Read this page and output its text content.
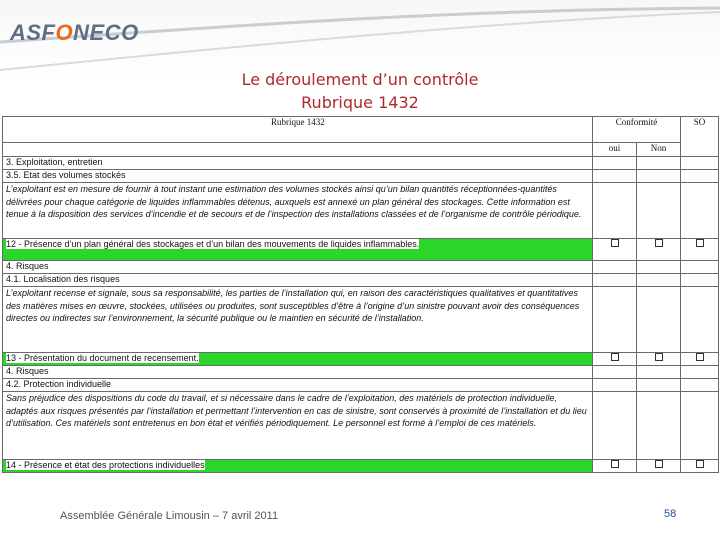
ASFONECO
Le déroulement d’un contrôle
Rubrique 1432
Rubrique 1432	Conformité		SO
	oui	Non	
3. Exploitation, entretien			
3.5. Etat des volumes stockés			
L’exploitant est en mesure de fournir à tout instant une estimation des volumes stockés ainsi qu’un bilan quantités réceptionnées-quantités délivrées pour chaque catégorie de liquides inflammables détenus, auxquels est annexé un plan général des stockages. Cette information est tenue à la disposition des services d’incendie et de secours et de l’inspection des installations classées et de l’organisme de contrôle périodique.			
12 - Présence d’un plan général des stockages et d’un bilan des mouvements de liquides inflammables.			
4. Risques			
4.1. Localisation des risques			
L’exploitant recense et signale, sous sa responsabilité, les parties de l’installation qui, en raison des caractéristiques qualitatives et quantitatives des matières mises en œuvre, stockées, utilisées ou produites, sont susceptibles d’être à l’origine d’un sinistre pouvant avoir des conséquences directes ou indirectes sur l’environnement, la sécurité publique ou le maintien en sécurité de l’installation.			
13 - Présentation du document de recensement.			
4. Risques			
4.2. Protection individuelle			
Sans préjudice des dispositions du code du travail, et si nécessaire dans le cadre de l’exploitation, des matériels de protection individuelle, adaptés aux risques présentés par l’installation et permettant l’intervention en cas de sinistre, sont conservés à proximité de l’installation et du lieu d’utilisation. Ces matériels sont entretenus en bon état et vérifiés périodiquement. Le personnel est formé à l’emploi de ces matériels.			
14 - Présence et état des protections individuelles			
Assemblée Générale Limousin – 7 avril 2011	58
